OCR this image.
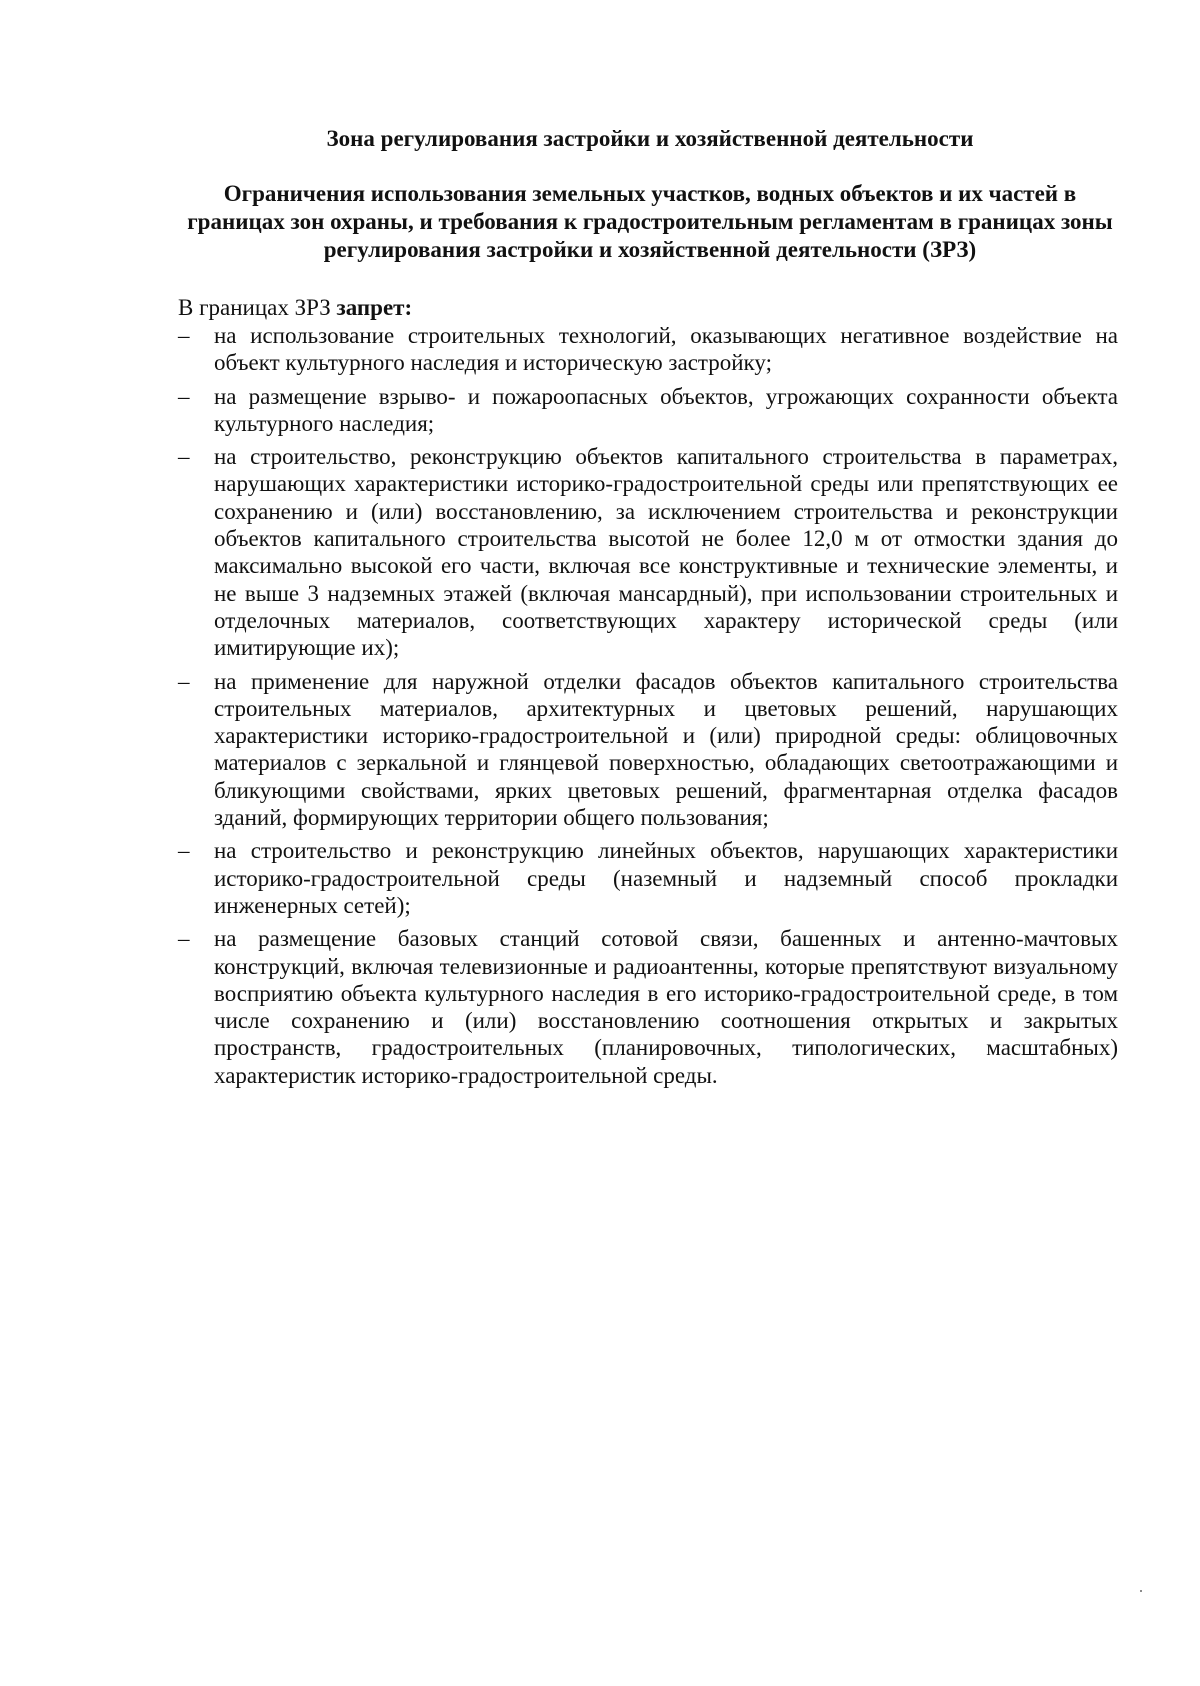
Зона регулирования застройки и хозяйственной деятельности
Ограничения использования земельных участков, водных объектов и их частей в границах зон охраны, и требования к градостроительным регламентам в границах зоны регулирования застройки и хозяйственной деятельности (ЗРЗ)

В границах ЗРЗ запрет:

–	на использование строительных технологий, оказывающих негативное воздействие на объект культурного наследия и историческую застройку;
–	на размещение взрыво- и пожароопасных объектов, угрожающих сохранности объекта культурного наследия;
–	на строительство, реконструкцию объектов капитального строительства в параметрах, нарушающих характеристики историко-градостроительной среды или препятствующих ее сохранению и (или) восстановлению, за исключением строительства и реконструкции объектов капитального строительства высотой не более 12,0 м от отмостки здания до максимально высокой его части, включая все конструктивные и технические элементы, и не выше 3 надземных этажей (включая мансардный), при использовании строительных и отделочных материалов, соответствующих характеру исторической среды (или имитирующие их);
–	на применение для наружной отделки фасадов объектов капитального строительства строительных материалов, архитектурных и цветовых решений, нарушающих характеристики историко-градостроительной и (или) природной среды: облицовочных материалов с зеркальной и глянцевой поверхностью, обладающих светоотражающими и бликующими свойствами, ярких цветовых решений, фрагментарная отделка фасадов зданий, формирующих территории общего пользования;
–	на строительство и реконструкцию линейных объектов, нарушающих характеристики историко-градостроительной среды (наземный и надземный способ прокладки инженерных сетей);
–	на размещение базовых станций сотовой связи, башенных и антенно-мачтовых конструкций, включая телевизионные и радиоантенны, которые препятствуют визуальному восприятию объекта культурного наследия в его историко-градостроительной среде, в том числе сохранению и (или) восстановлению соотношения открытых и закрытых пространств, градостроительных (планировочных, типологических, масштабных) характеристик историко-градостроительной среды.
